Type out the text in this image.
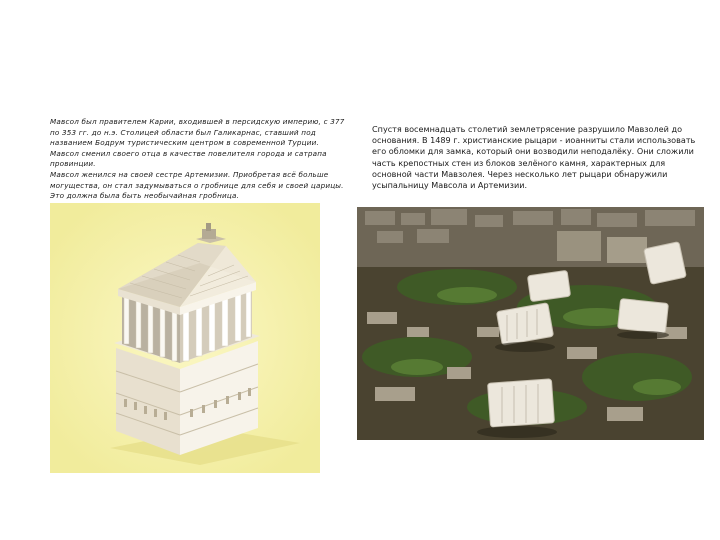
Мавсол был правителем Карии, входившей в персидскую империю, с 377 по 353 гг. до н.э. Столицей области был Галикарнас, ставший под названием Бодрум туристическим центром в современной Турции. Мавсол сменил своего отца в качестве повелителя города и сатрапа провинции.

Мавсол женился на своей сестре Артемизии. Приобретая всё больше могущества, он стал задумываться о гробнице для себя и своей царицы. Это должна была быть необычайная гробница.

Спустя восемнадцать столетий землетрясение разрушило Мавзолей до основания. В 1489 г. христианские рыцари - иоанниты стали использовать его обломки для замка, который они возводили неподалёку. Они сложили часть крепостных стен из блоков зелёного камня, характерных для основной части Мавзолея. Через несколько лет рыцари обнаружили усыпальницу Мавсола и Артемизии.
